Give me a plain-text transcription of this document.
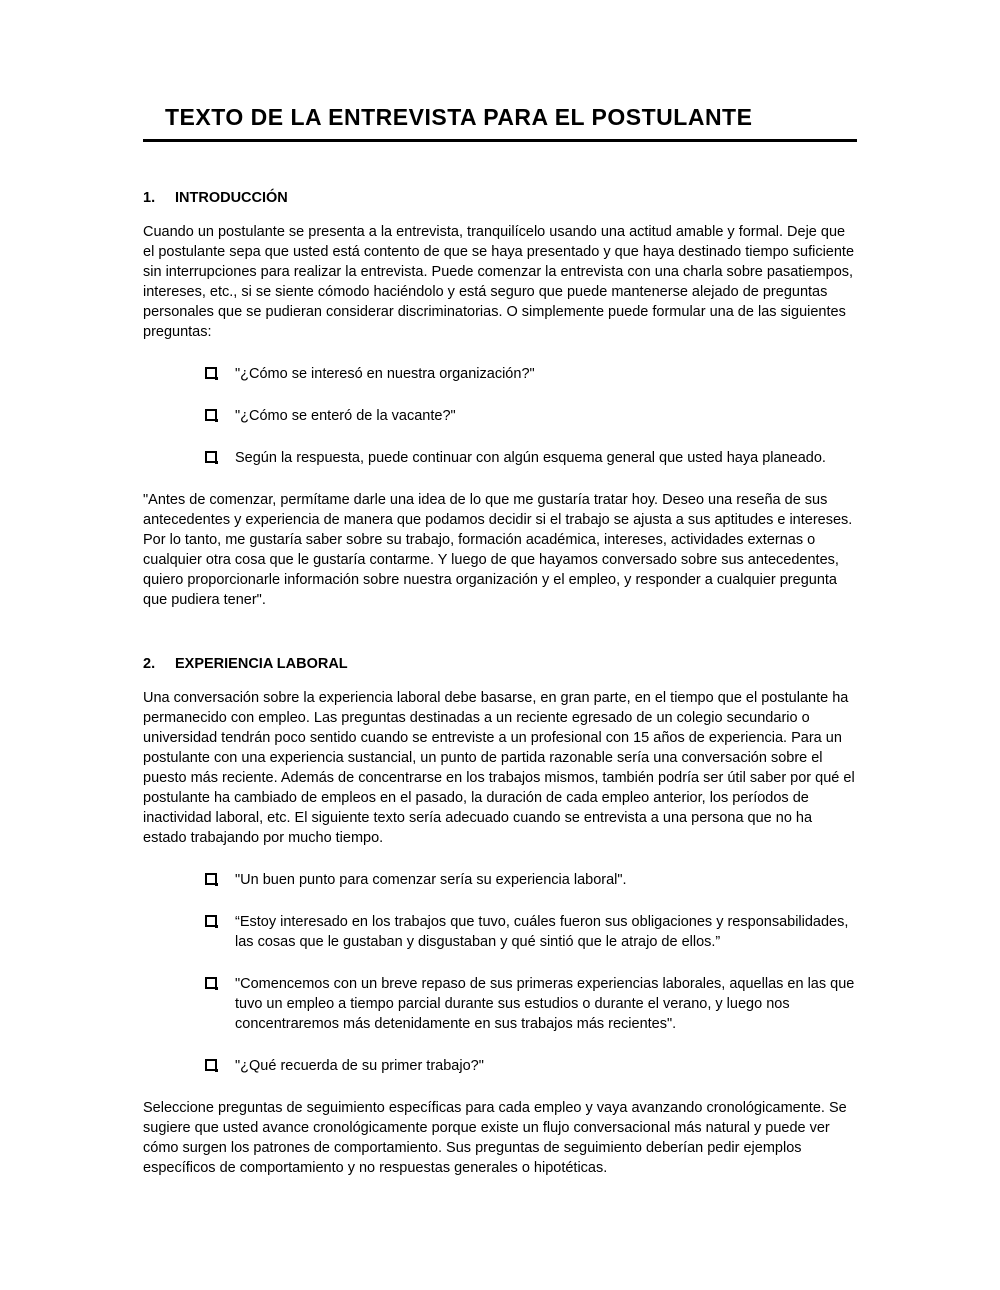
TEXTO DE LA ENTREVISTA PARA EL POSTULANTE
1.	INTRODUCCIÓN

Cuando un postulante se presenta a la entrevista, tranquilícelo usando una actitud amable y formal. Deje que el postulante sepa que usted está contento de que se haya presentado y que haya destinado tiempo suficiente sin interrupciones para realizar la entrevista. Puede comenzar la entrevista con una charla sobre pasatiempos, intereses, etc., si se siente cómodo haciéndolo y está seguro que puede mantenerse alejado de preguntas personales que se pudieran considerar discriminatorias. O simplemente puede formular una de las siguientes preguntas:

"¿Cómo se interesó en nuestra organización?"
"¿Cómo se enteró de la vacante?"
Según la respuesta, puede continuar con algún esquema general que usted haya planeado.

"Antes de comenzar, permítame darle una idea de lo que me gustaría tratar hoy. Deseo una reseña de sus antecedentes y experiencia de manera que podamos decidir si el trabajo se ajusta a sus aptitudes e intereses. Por lo tanto, me gustaría saber sobre su trabajo, formación académica, intereses, actividades externas o cualquier otra cosa que le gustaría contarme. Y luego de que hayamos conversado sobre sus antecedentes, quiero proporcionarle información sobre nuestra organización y el empleo, y responder a cualquier pregunta que pudiera tener".

2.	EXPERIENCIA LABORAL

Una conversación sobre la experiencia laboral debe basarse, en gran parte, en el tiempo que el postulante ha permanecido con empleo. Las preguntas destinadas a un reciente egresado de un colegio secundario o universidad tendrán poco sentido cuando se entreviste a un profesional con 15 años de experiencia. Para un postulante con una experiencia sustancial, un punto de partida razonable sería una conversación sobre el puesto más reciente. Además de concentrarse en los trabajos mismos, también podría ser útil saber por qué el postulante ha cambiado de empleos en el pasado, la duración de cada empleo anterior, los períodos de inactividad laboral, etc. El siguiente texto sería adecuado cuando se entrevista a una persona que no ha estado trabajando por mucho tiempo.

"Un buen punto para comenzar sería su experiencia laboral".
“Estoy interesado en los trabajos que tuvo, cuáles fueron sus obligaciones y responsabilidades, las cosas que le gustaban y disgustaban y qué sintió que le atrajo de ellos.”
"Comencemos con un breve repaso de sus primeras experiencias laborales, aquellas en las que tuvo un empleo a tiempo parcial durante sus estudios o durante el verano, y luego nos concentraremos más detenidamente en sus trabajos más recientes".
"¿Qué recuerda de su primer trabajo?"

Seleccione preguntas de seguimiento específicas para cada empleo y vaya avanzando cronológicamente. Se sugiere que usted avance cronológicamente porque existe un flujo conversacional más natural y puede ver cómo surgen los patrones de comportamiento. Sus preguntas de seguimiento deberían pedir ejemplos específicos de comportamiento y no respuestas generales o hipotéticas.
